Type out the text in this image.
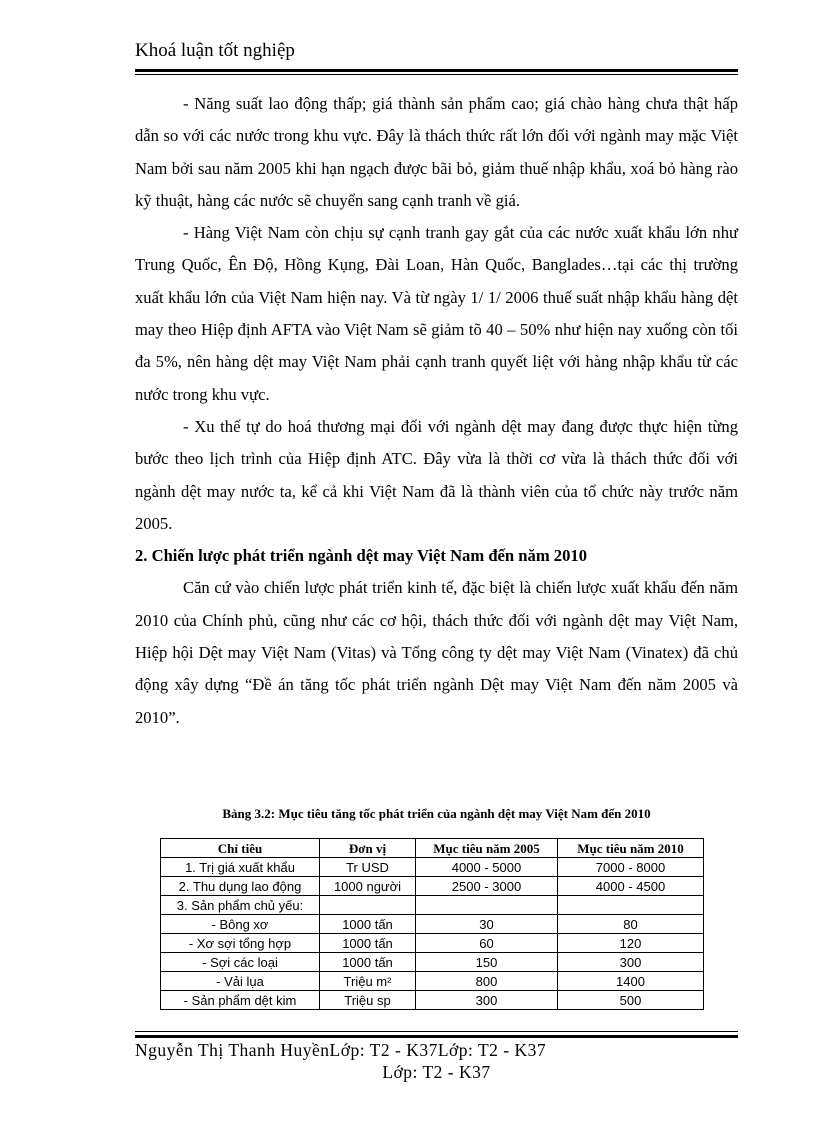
Khoá luận tốt nghiệp

- Năng suất lao động thấp; giá thành sản phẩm cao; giá chào hàng chưa thật hấp dẫn so với các nước trong khu vực. Đây là thách thức rất lớn đối với ngành may mặc Việt Nam bởi sau năm 2005 khi hạn ngạch được bãi bỏ, giảm thuế nhập khẩu, xoá bỏ hàng rào kỹ thuật, hàng các nước sẽ chuyển sang cạnh tranh về giá.

- Hàng Việt Nam còn chịu sự cạnh tranh gay gắt của các nước xuất khẩu lớn như Trung Quốc, Ên Độ, Hồng Kụng, Đài Loan, Hàn Quốc, Banglades…tại các thị trường xuất khẩu lớn của Việt Nam hiện nay. Và từ ngày 1/ 1/ 2006 thuế suất nhập khẩu hàng dệt may theo Hiệp định AFTA vào Việt Nam sẽ giảm tõ 40 – 50% như hiện nay xuống còn tối đa 5%, nên hàng dệt may Việt Nam phải cạnh tranh quyết liệt với hàng nhập khẩu từ các nước trong khu vực.

- Xu thế tự do hoá thương mại đối với ngành dệt may đang được thực hiện từng bước theo lịch trình của Hiệp định ATC. Đây vừa là thời cơ vừa là thách thức đối với ngành dệt may nước ta, kể cả khi Việt Nam đã là thành viên của tổ chức này trước năm 2005.

2. Chiến lược phát triển ngành dệt may Việt Nam đến năm 2010

Căn cứ vào chiến lược phát triển kinh tế, đặc biệt là chiến lược xuất khẩu đến năm 2010 của Chính phủ, cũng như các cơ hội, thách thức đối với ngành dệt may Việt Nam, Hiệp hội Dệt may Việt Nam (Vitas) và Tổng công ty dệt may Việt Nam (Vinatex) đã chủ động xây dựng “Đề án tăng tốc phát triển ngành Dệt may Việt Nam đến năm 2005 và 2010”.

Bảng 3.2: Mục tiêu tăng tốc phát triển của ngành dệt may Việt Nam đến 2010
Chỉ tiêu	Đơn vị	Mục tiêu năm 2005	Mục tiêu năm 2010
1. Trị giá xuất khẩu	Tr USD	4000 - 5000	7000 - 8000
2. Thu dụng lao động	1000 người	2500 - 3000	4000 - 4500
3. Sản phẩm chủ yếu:			
- Bông xơ	1000 tấn	30	80
- Xơ sợi tổng hợp	1000 tấn	60	120
- Sợi các loại	1000 tấn	150	300
- Vải lụa	Triệu m²	800	1400
- Sản phẩm dệt kim	Triệu sp	300	500
Nguyễn Thị Thanh HuyềnLớp: T2 - K37Lớp: T2 - K37
Lớp: T2 - K37
